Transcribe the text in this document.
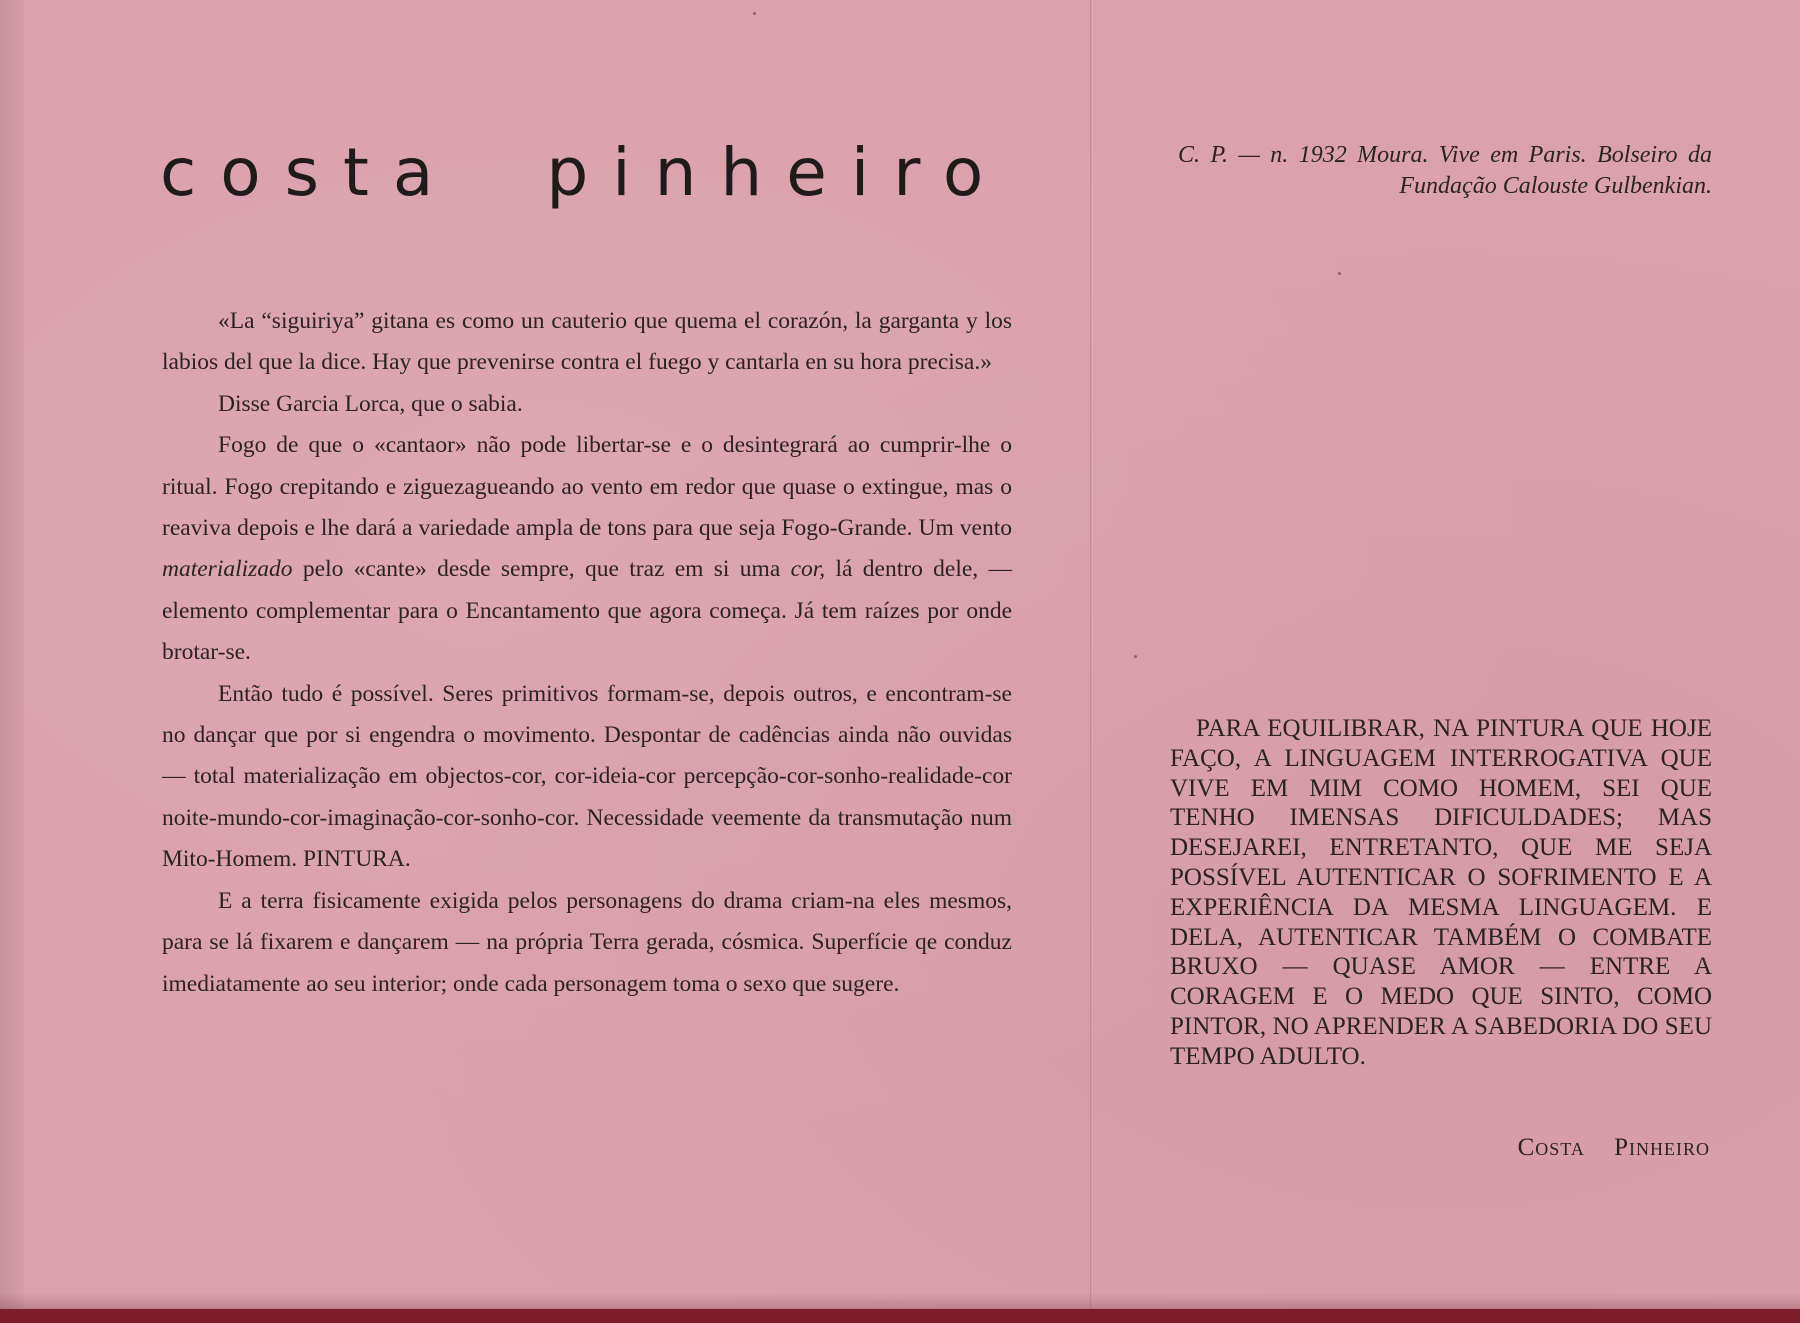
costa pinheiro

«La “siguiriya” gitana es como un cauterio que quema el corazón, la garganta y los labios del que la dice. Hay que prevenirse contra el fuego y cantarla en su hora precisa.»

Disse Garcia Lorca, que o sabia.

Fogo de que o «cantaor» não pode libertar-se e o desintegrará ao cumprir-lhe o ritual. Fogo crepitando e ziguezagueando ao vento em redor que quase o extingue, mas o reaviva depois e lhe dará a variedade ampla de tons para que seja Fogo-Grande. Um vento materializado pelo «cante» desde sempre, que traz em si uma cor, lá dentro dele, — elemento complementar para o Encantamento que agora começa. Já tem raízes por onde brotar-se.

Então tudo é possível. Seres primitivos formam-se, depois outros, e encontram-se no dançar que por si engendra o movimento. Despontar de cadências ainda não ouvidas — total materialização em objectos-cor, cor-ideia-cor percepção-cor-sonho-realidade-cor noite-mundo-cor-imaginação-cor-sonho-cor. Necessidade veemente da transmutação num Mito-Homem. PINTURA.

E a terra fisicamente exigida pelos personagens do drama criam-na eles mesmos, para se lá fixarem e dançarem — na própria Terra gerada, cósmica. Superfície qe conduz imediatamente ao seu interior; onde cada personagem toma o sexo que sugere.

C. P. — n. 1932 Moura. Vive em Paris. Bolseiro da Fundação Calouste Gulbenkian.

PARA EQUILIBRAR, NA PINTURA QUE HOJE FAÇO, A LINGUAGEM INTERROGATIVA QUE VIVE EM MIM COMO HOMEM, SEI QUE TENHO IMENSAS DIFICULDADES; MAS DESEJAREI, ENTRETANTO, QUE ME SEJA POSSÍVEL AUTENTICAR O SOFRIMENTO E A EXPERIÊNCIA DA MESMA LINGUAGEM. E DELA, AUTENTICAR TAMBÉM O COMBATE BRUXO — QUASE AMOR — ENTRE A CORAGEM E O MEDO QUE SINTO, COMO PINTOR, NO APRENDER A SABEDORIA DO SEU TEMPO ADULTO.

Costa Pinheiro
